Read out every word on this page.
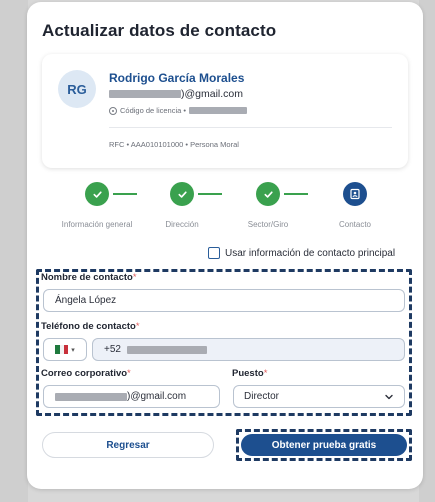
Actualizar datos de contacto
RG
Rodrigo García Morales
)@gmail.com
Código de licencia •
RFC • AAA010101000 • Persona Moral
Información general	Dirección	Sector/Giro	Contacto
Usar información de contacto principal
Nombre de contacto*
Ángela López
Teléfono de contacto*
▾	+52
Correo corporativo*
)@gmail.com
Puesto*
Director
Regresar	Obtener prueba gratis
